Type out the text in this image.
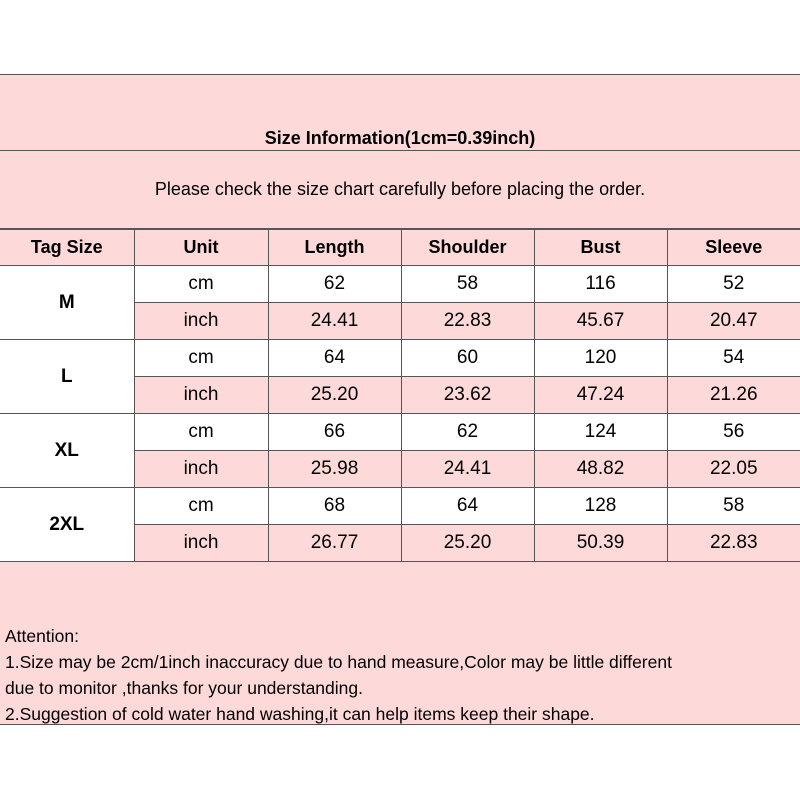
Size Information(1cm=0.39inch)
Please check the size chart carefully before placing the order.
Tag Size	Unit	Length	Shoulder	Bust	Sleeve
M	cm	62	58	116	52
	inch	24.41	22.83	45.67	20.47
L	cm	64	60	120	54
	inch	25.20	23.62	47.24	21.26
XL	cm	66	62	124	56
	inch	25.98	24.41	48.82	22.05
2XL	cm	68	64	128	58
	inch	26.77	25.20	50.39	22.83
Attention:
1.Size may be 2cm/1inch inaccuracy due to hand measure,Color may be little different
due to monitor ,thanks for your understanding.
2.Suggestion of cold water hand washing,it can help items keep their shape.
